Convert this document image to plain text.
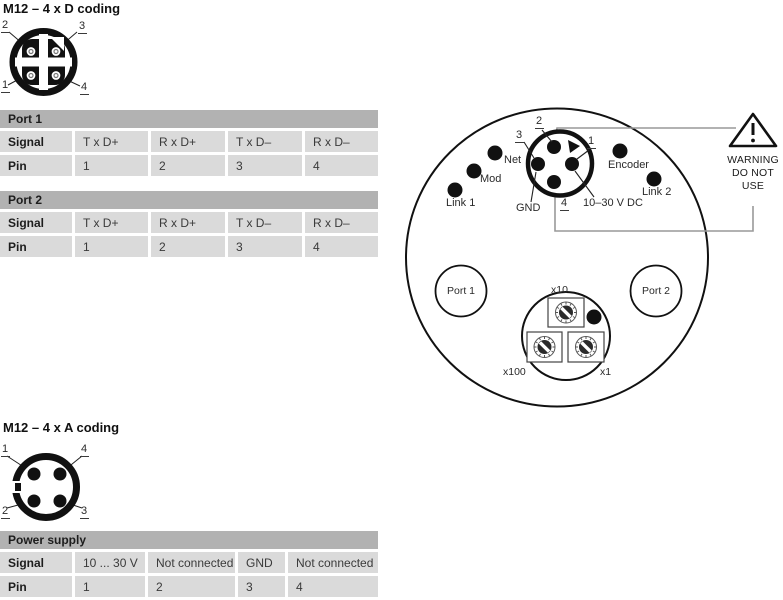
M12 – 4 x D coding
M12 – 4 x A coding
2	3
1	4
1	4
2	3
Port 1
Signal	T x D+	R x D+	T x D–	R x D–
Pin	1	2	3	4
Port 2
Signal	T x D+	R x D+	T x D–	R x D–
Pin	1	2	3	4
Power supply
Signal	10 ... 30 V	Not connected	GND	Not connected
Pin	1	2	3	4
2
3	1
4
Net
Mod
Link 1
Encoder
Link 2
GND	10–30 V DC
Port 1	Port 2
x10
x100	x1
WARNING
DO NOT
USE
